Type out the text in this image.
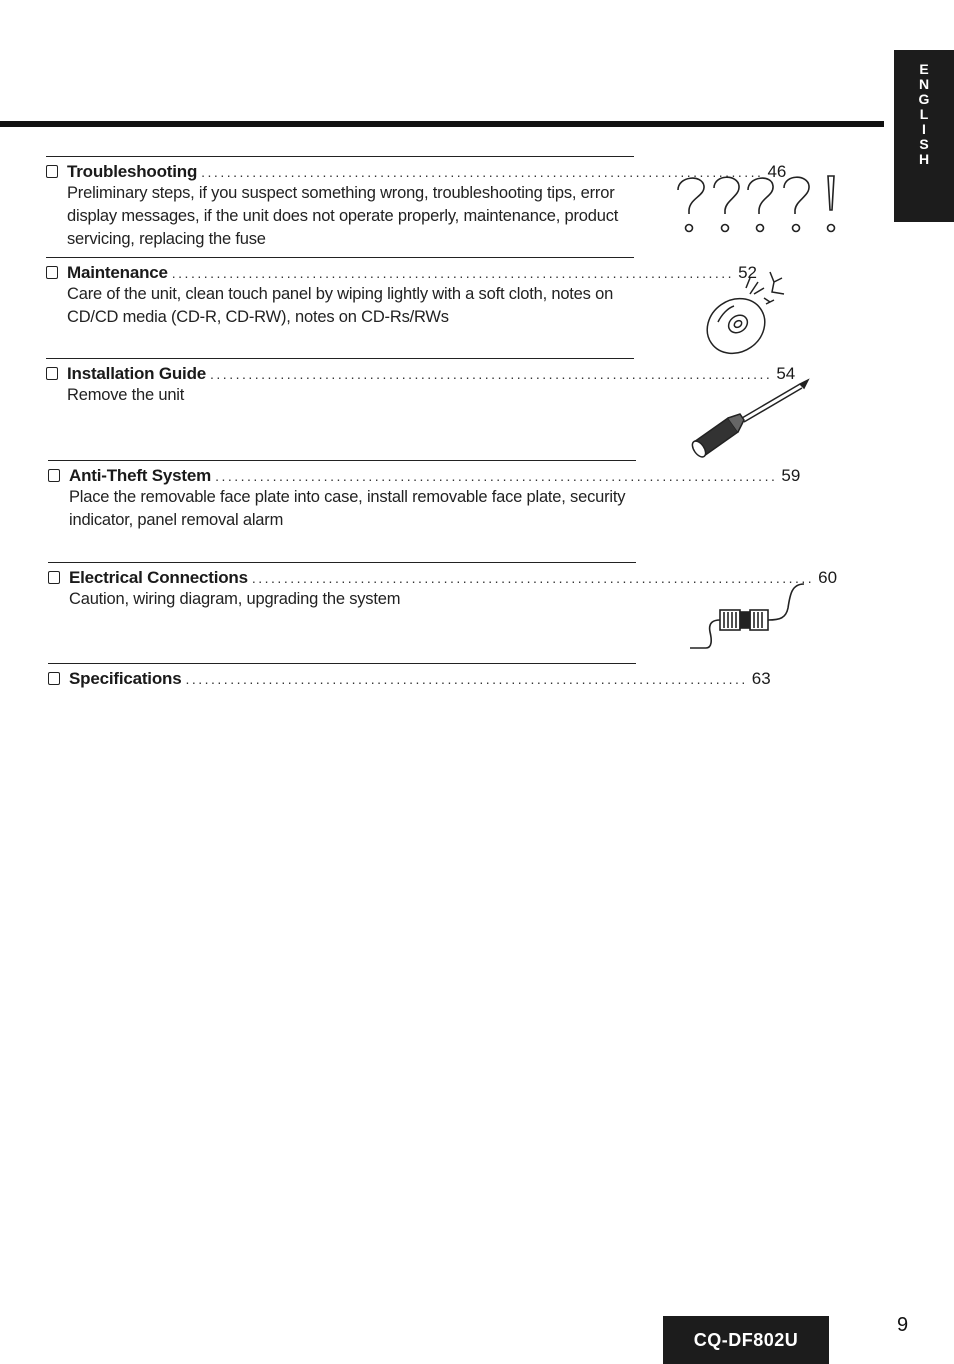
E
N
G
L
I
S
H
Troubleshooting ........................................................................................ 46
Preliminary steps, if you suspect something wrong, troubleshooting tips, error display messages, if the unit does not operate properly, maintenance, product servicing, replacing the fuse
Maintenance ........................................................................................ 52
Care of the unit, clean touch panel by wiping lightly with a soft cloth, notes on CD/CD media (CD-R, CD-RW), notes on CD-Rs/RWs
Installation Guide ........................................................................................ 54
Remove the unit
Anti-Theft System ........................................................................................ 59
Place the removable face plate into case, install removable face plate, security indicator, panel removal alarm
Electrical Connections ........................................................................................ 60
Caution, wiring diagram, upgrading the system
Specifications ........................................................................................ 63
CQ-DF802U
9
